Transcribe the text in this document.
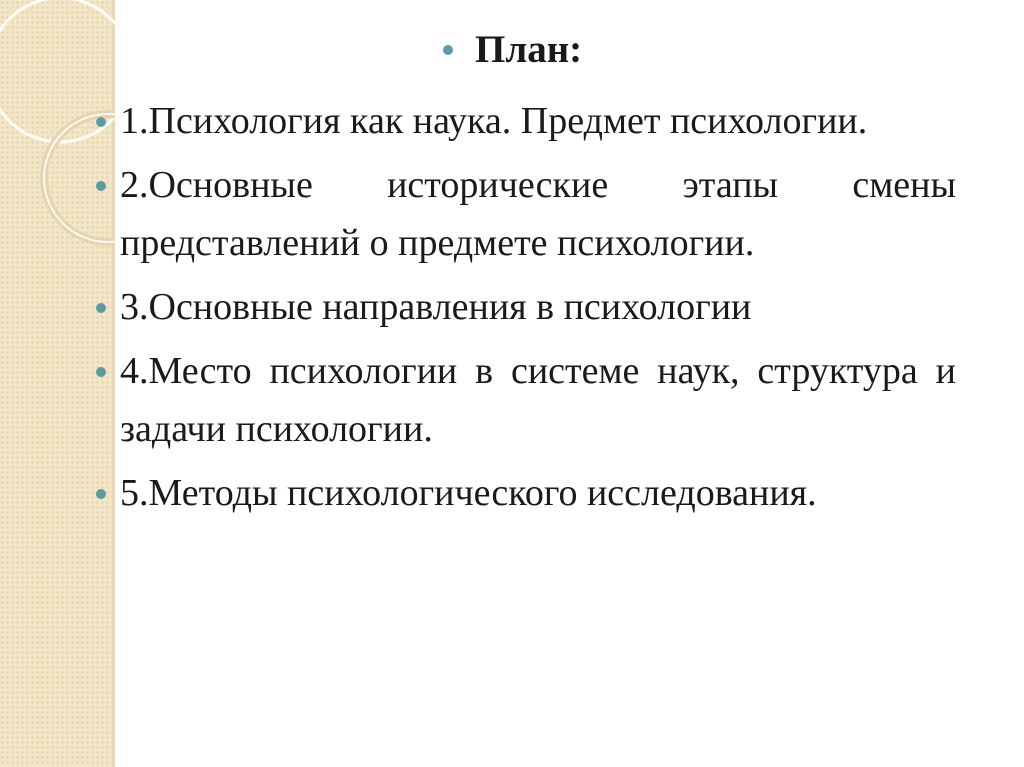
План:
1.Психология как наука. Предмет психологии.
2.Основные исторические этапы смены представлений о предмете психологии.
3.Основные направления в психологии
4.Место психологии в системе наук, структура и задачи психологии.
5.Методы психологического исследования.
